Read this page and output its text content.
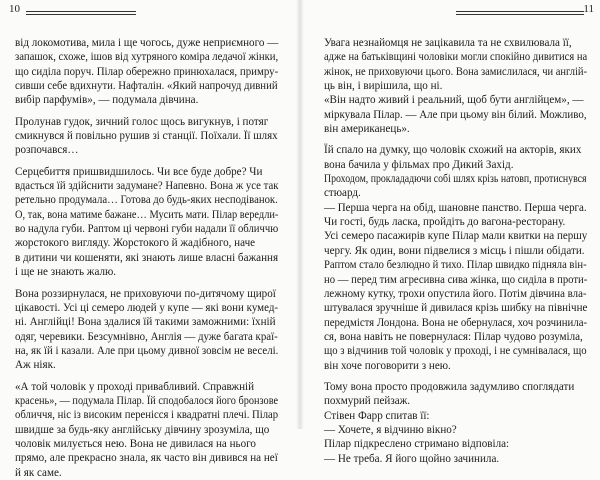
10
від локомотива, мила і ще чогось, дуже неприємного —
запашок, схоже, ішов від хутряного коміра ледачої жінки,
що сиділа поруч. Пілар обережно принюхалася, примру-
сивши себе вдихнути. Нафталін. «Який напрочуд дивний
вибір парфумів», — подумала дівчина.
Пролунав гудок, зичний голос щось вигукнув, і потяг
смикнувся й повільно рушив зі станції. Поїхали. Її шлях
розпочався…
Серцебиття пришвидшилось. Чи все буде добре? Чи
вдасться їй здійснити задумане? Напевно. Вона ж усе так
ретельно продумала… Готова до будь-яких несподіванок.
О, так, вона матиме бажане… Мусить мати. Пілар вередли-
во надула губи. Раптом ці червоні губи надали її обличчю
жорстокого вигляду. Жорстокого й жадібного, наче
в дитини чи кошеняти, які знають лише власні бажання
і ще не знають жалю.
Вона роззирнулася, не приховуючи по-дитячому щирої
цікавості. Усі ці семеро людей у купе — які вони кумед-
ні. Англійці! Вона здалися їй такими заможними: їхній
одяг, черевики. Безсумнівно, Англія — дуже багата краї-
на, як їй і казали. Але при цьому дивної зовсім не веселі.
Аж ніяк.
«А той чоловік у проході привабливий. Справжній
красень», — подумала Пілар. Їй сподобалося його бронзове
обличчя, ніс із високим перенісся і квадратні плечі. Пілар
швидше за будь-яку англійську дівчину зрозуміла, що
чоловік милується нею. Вона не дивилася на нього
прямо, але прекрасно знала, як часто він дивився на неї
й як саме.
11
Увага незнайомця не зацікавила та не схвилювала її,
адже на батьківщині чоловіки могли спокійно дивитися на
жінок, не приховуючи цього. Вона замислилася, чи англій-
ць він, і вирішила, що ні.
«Він надто живий і реальний, щоб бути англійцем», —
міркувала Пілар. — Але при цьому він білий. Можливо,
він американець».
Їй спало на думку, що чоловік схожий на акторів, яких
вона бачила у фільмах про Дикий Захід.
Проходом, проклададючи собі шлях крізь натовп, протиснувся
стюард.
— Перша черга на обід, шановне панство. Перша черга.
Чи гості, будь ласка, пройдіть до вагона-ресторану.
Усі семеро пасажирів купе Пілар мали квитки на першу
чергу. Як один, вони підвелися з місць і пішли обідати.
Раптом стало безлюдно й тихо. Пілар швидко підняла він-
но — перед тим агресивна сива жінка, що сиділа в проти-
лежному кутку, трохи опустила його. Потім дівчина вла-
штувалася зручніше й дивилася крізь шибку на північне
передмістя Лондона. Вона не обернулася, хоч розчинила-
ся, вона навіть не повернулася: Пілар чудово розуміла,
що з відчинив той чоловік у проході, і не сумнівалася, що
він хоче поговорити з нею.
Тому вона просто продовжила задумливо споглядати
похмурий пейзаж.
Стівен Фарр спитав її:
— Хочете, я відчиню вікно?
Пілар підкреслено стримано відповіла:
— Не треба. Я його щойно зачинила.
